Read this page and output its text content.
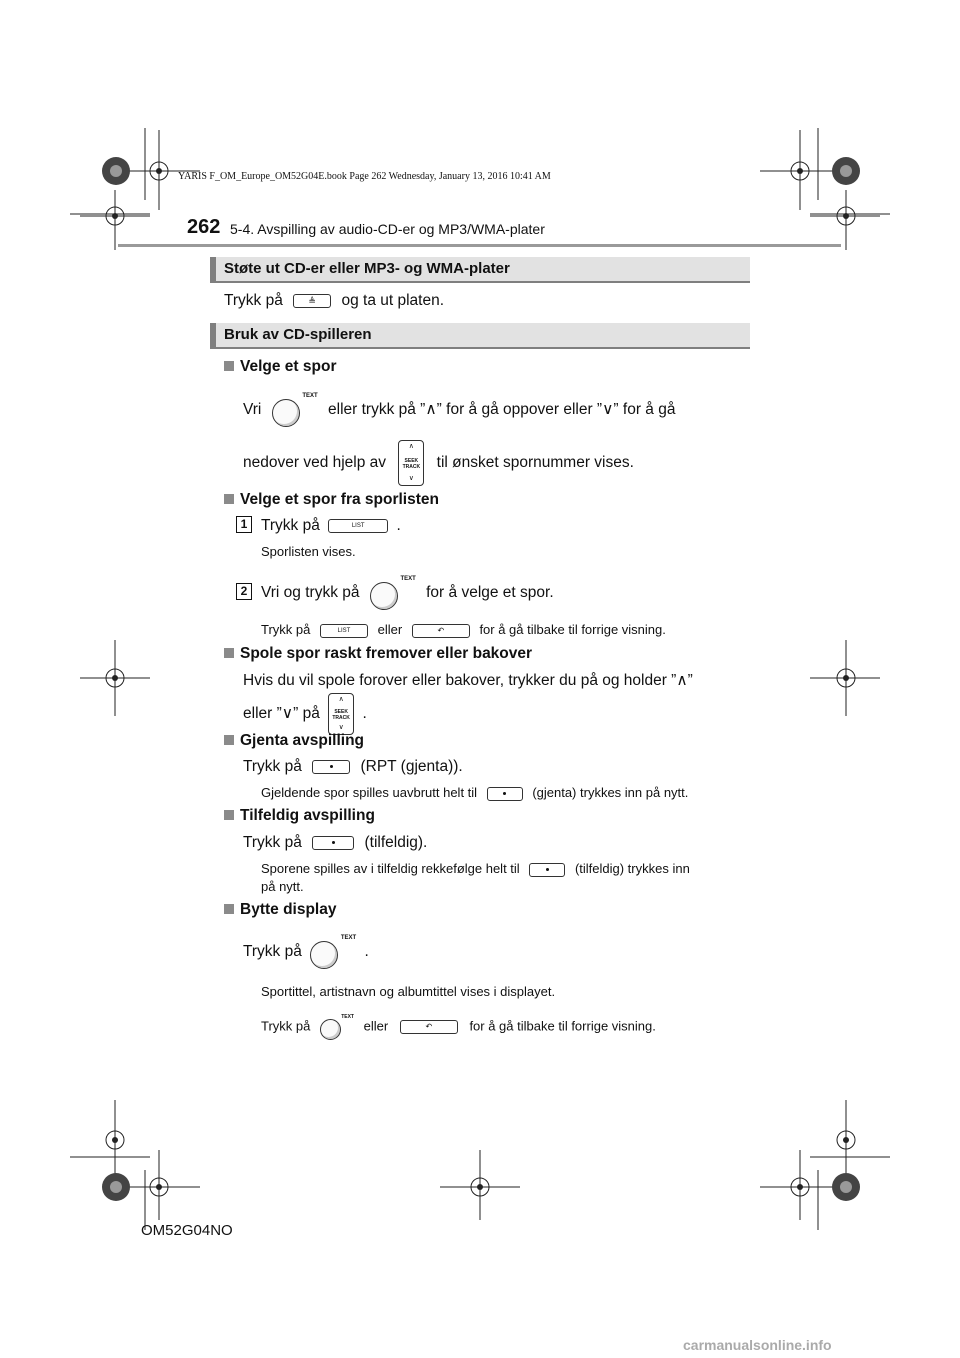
YARIS F_OM_Europe_OM52G04E.book Page 262 Wednesday, January 13, 2016 10:41 AM
262 5-4. Avspilling av audio-CD-er og MP3/WMA-plater
Støte ut CD-er eller MP3- og WMA-plater
Trykk på	≜	og ta ut platen.
Bruk av CD-spilleren
Velge et spor
Vri
TEXT
eller trykk på ”∧” for å gå oppover eller ”∨” for å gå
nedover ved hjelp av
∧
SEEK
TRACK
∨
til ønsket spornummer vises.
Velge et spor fra sporlisten
1 Trykk på	LIST	.
Sporlisten vises.
2 Vri og trykk på
TEXT
for å velge et spor.
Trykk på	LIST	eller	↶	for å gå tilbake til forrige visning.
Spole spor raskt fremover eller bakover
Hvis du vil spole forover eller bakover, trykker du på og holder ”∧”
eller ”∨” på
∧
SEEK
TRACK
∨
.
Gjenta avspilling
Trykk på	(RPT (gjenta)).
Gjeldende spor spilles uavbrutt helt til	(gjenta) trykkes inn på nytt.
Tilfeldig avspilling
Trykk på	(tilfeldig).
Sporene spilles av i tilfeldig rekkefølge helt til	(tilfeldig) trykkes inn
på nytt.
Bytte display
Trykk på
TEXT
.
Sportittel, artistnavn og albumtittel vises i displayet.
Trykk på
TEXT
eller	↶	for å gå tilbake til forrige visning.
OM52G04NO
carmanualsonline.info
